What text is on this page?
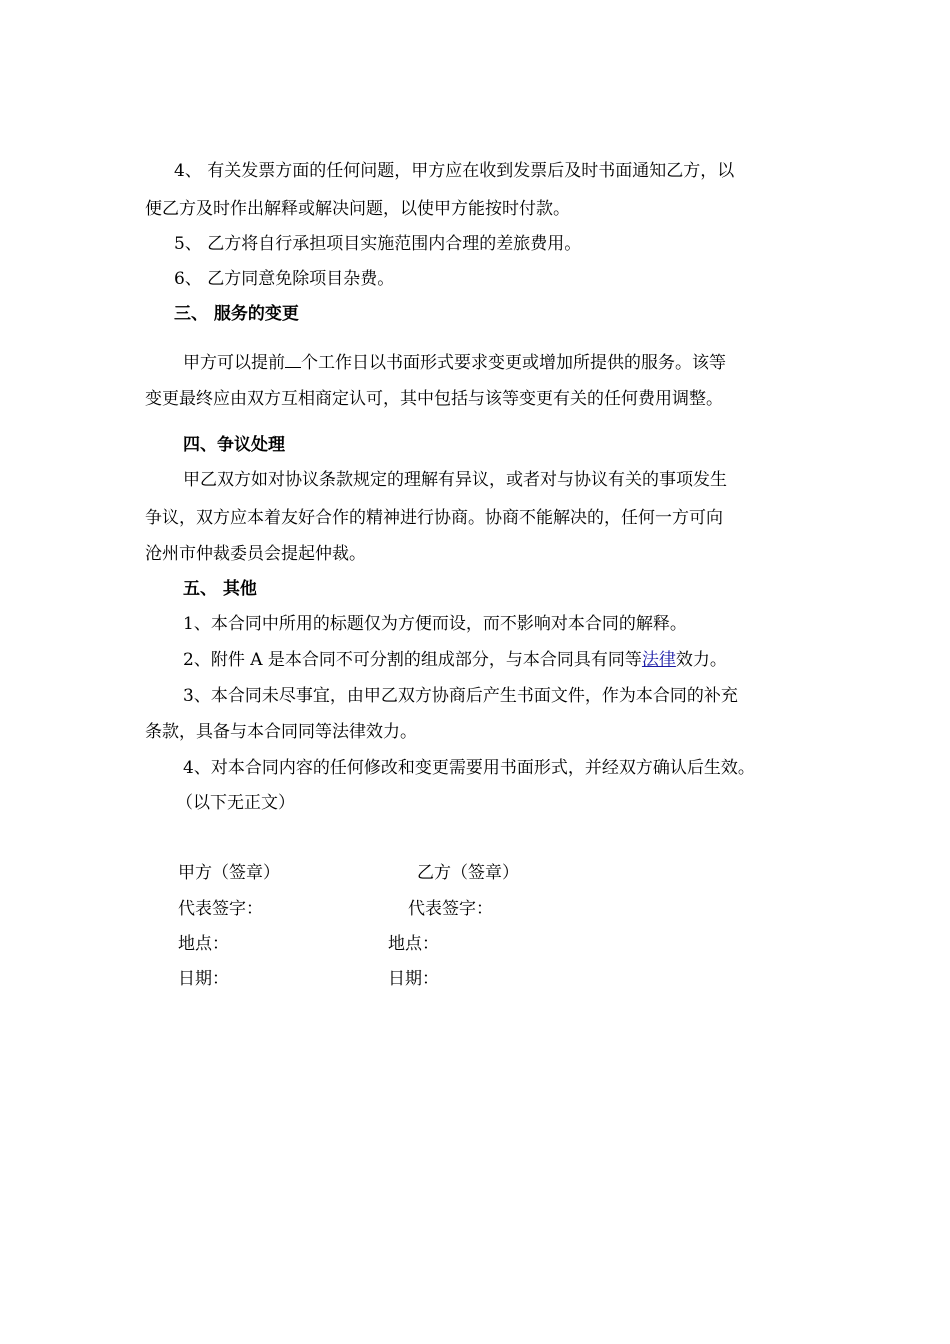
4、 有关发票方面的任何问题，甲方应在收到发票后及时书面通知乙方，以
便乙方及时作出解释或解决问题，以使甲方能按时付款。
5、 乙方将自行承担项目实施范围内合理的差旅费用。
6、 乙方同意免除项目杂费。
三、 服务的变更
甲方可以提前 个工作日以书面形式要求变更或增加所提供的服务。该等
变更最终应由双方互相商定认可，其中包括与该等变更有关的任何费用调整。
四、争议处理
甲乙双方如对协议条款规定的理解有异议，或者对与协议有关的事项发生
争议，双方应本着友好合作的精神进行协商。协商不能解决的，任何一方可向
沧州市仲裁委员会提起仲裁。
五、 其他
1、本合同中所用的标题仅为方便而设，而不影响对本合同的解释。
2、附件 A 是本合同不可分割的组成部分，与本合同具有同等法律效力。
3、本合同未尽事宜，由甲乙双方协商后产生书面文件，作为本合同的补充
条款，具备与本合同同等法律效力。
4、对本合同内容的任何修改和变更需要用书面形式，并经双方确认后生效。
（以下无正文）
甲方（签章）	乙方（签章）
代表签字：	代表签字：
地点：	地点：
日期：	日期：
